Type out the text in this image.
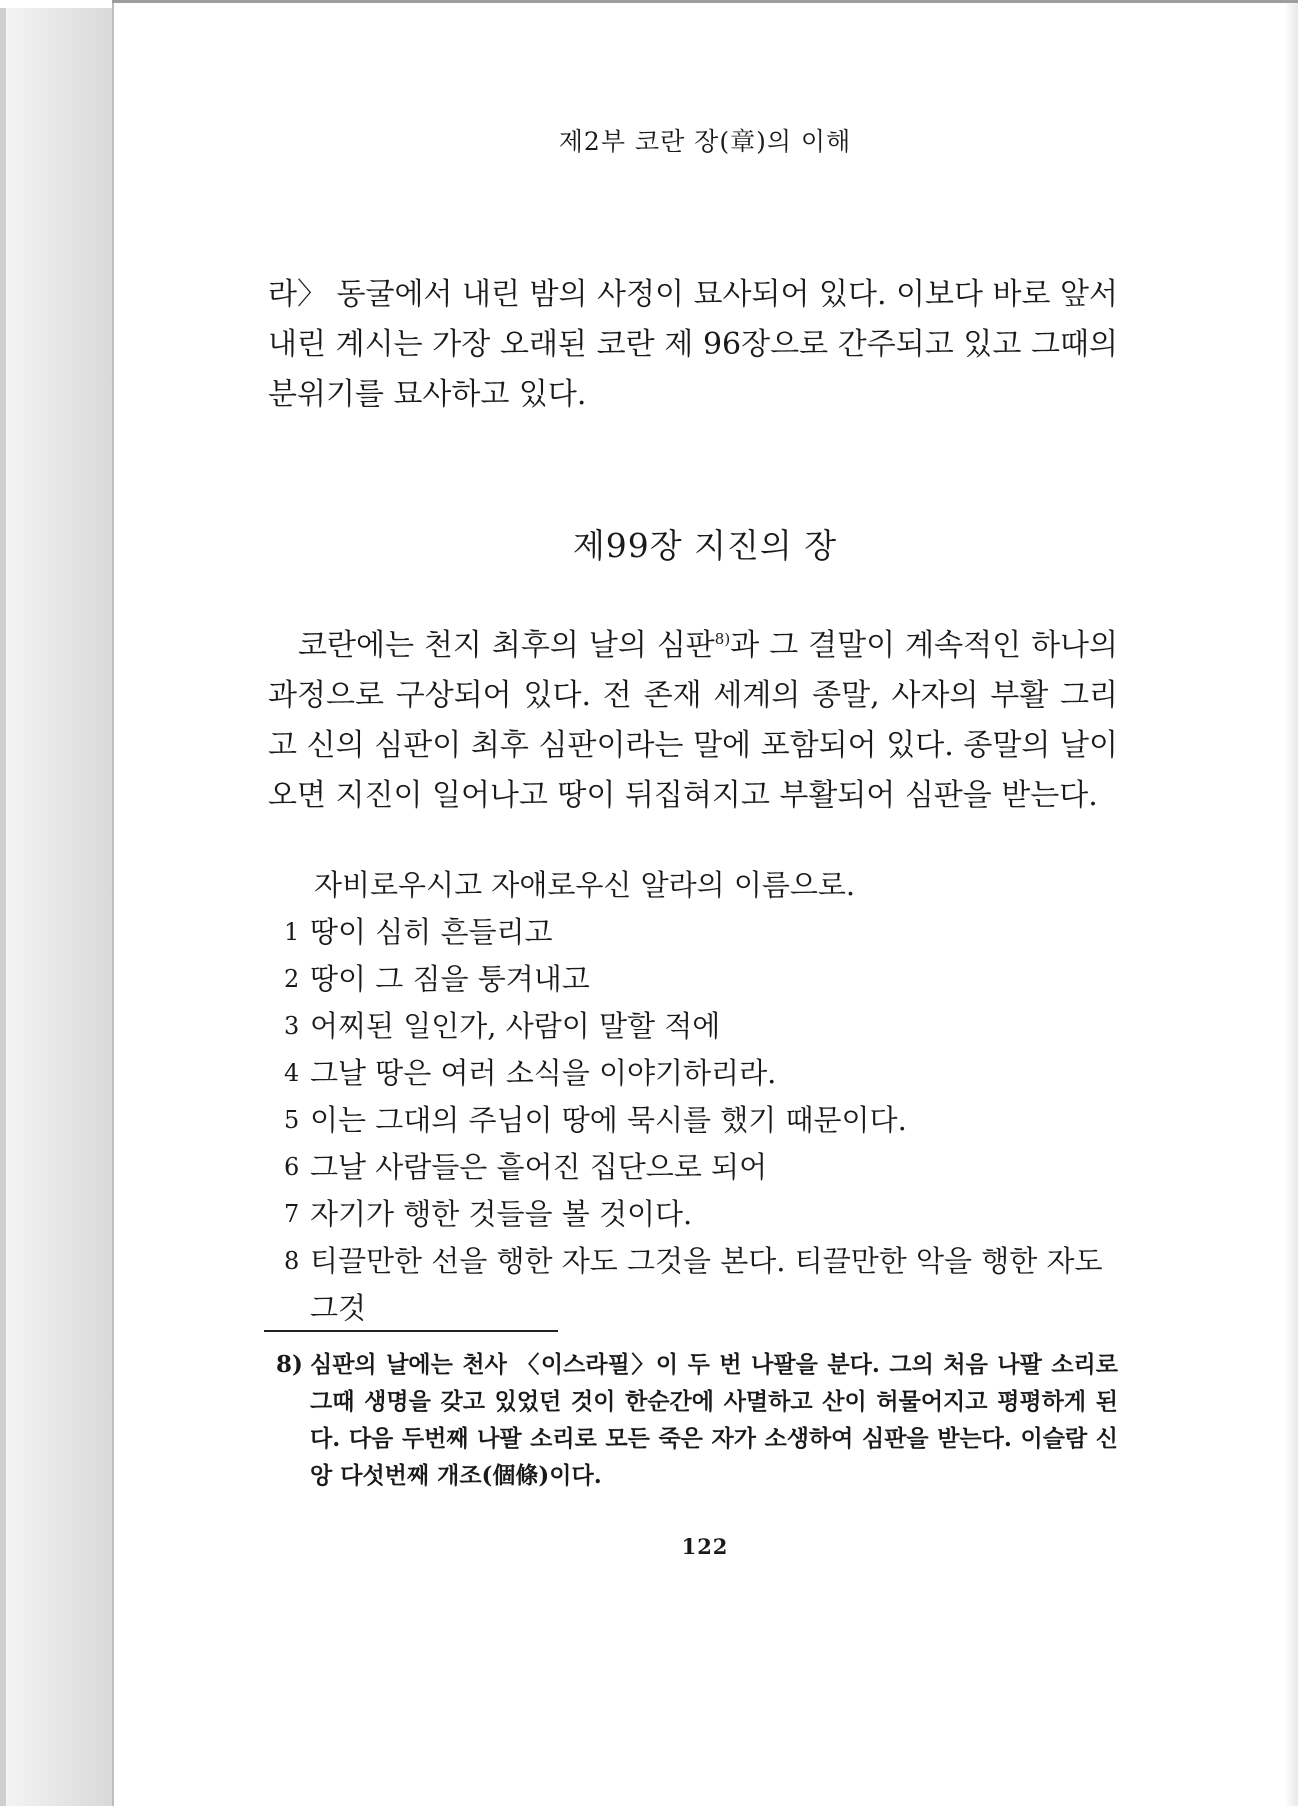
제2부 코란 장(章)의 이해

라〉 동굴에서 내린 밤의 사정이 묘사되어 있다. 이보다 바로 앞서 내린 계시는 가장 오래된 코란 제 96장으로 간주되고 있고 그때의 분위기를 묘사하고 있다.

제99장 지진의 장

코란에는 천지 최후의 날의 심판$^{8)}$과 그 결말이 계속적인 하나의 과정으로 구상되어 있다. 전 존재 세계의 종말, 사자의 부활 그리고 신의 심판이 최후 심판이라는 말에 포함되어 있다. 종말의 날이 오면 지진이 일어나고 땅이 뒤집혀지고 부활되어 심판을 받는다.

자비로우시고 자애로우신 알라의 이름으로.

1 땅이 심히 흔들리고
2 땅이 그 짐을 퉁겨내고
3 어찌된 일인가, 사람이 말할 적에
4 그날 땅은 여러 소식을 이야기하리라.
5 이는 그대의 주님이 땅에 묵시를 했기 때문이다.
6 그날 사람들은 흩어진 집단으로 되어
7 자기가 행한 것들을 볼 것이다.
8 티끌만한 선을 행한 자도 그것을 본다. 티끌만한 악을 행한 자도 그것
8) 심판의 날에는 천사 〈이스라필〉이 두 번 나팔을 분다. 그의 처음 나팔 소리로 그때 생명을 갖고 있었던 것이 한순간에 사멸하고 산이 허물어지고 평평하게 된다. 다음 두번째 나팔 소리로 모든 죽은 자가 소생하여 심판을 받는다. 이슬람 신앙 다섯번째 개조(個條)이다.
122
